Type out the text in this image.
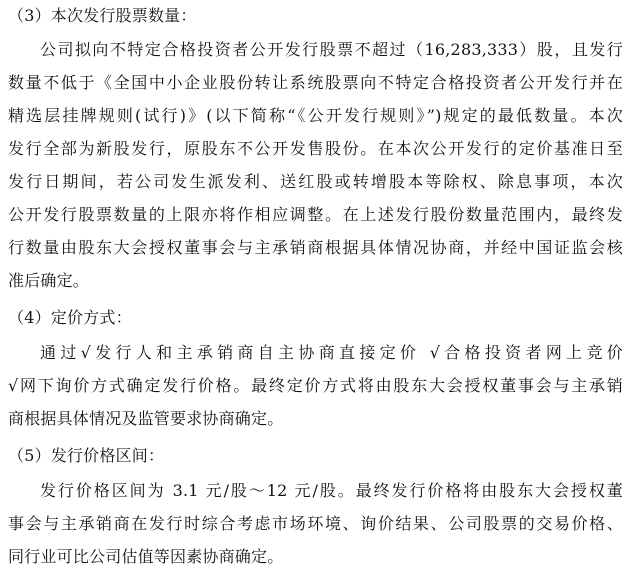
（3）本次发行股票数量：
公司拟向不特定合格投资者公开发行股票不超过（16,283,333）股，且发行
数量不低于《全国中小企业股份转让系统股票向不特定合格投资者公开发行并在
精选层挂牌规则(试行)》(以下简称“《公开发行规则》”)规定的最低数量。本次
发行全部为新股发行，原股东不公开发售股份。在本次公开发行的定价基准日至
发行日期间，若公司发生派发利、送红股或转增股本等除权、除息事项，本次
公开发行股票数量的上限亦将作相应调整。在上述发行股份数量范围内，最终发
行数量由股东大会授权董事会与主承销商根据具体情况协商，并经中国证监会核
准后确定。
（4）定价方式：
通过√发行人和主承销商自主协商直接定价 √合格投资者网上竞价
√网下询价方式确定发行价格。最终定价方式将由股东大会授权董事会与主承销
商根据具体情况及监管要求协商确定。
（5）发行价格区间：
发行价格区间为 3.1 元/股～12 元/股。最终发行价格将由股东大会授权董
事会与主承销商在发行时综合考虑市场环境、询价结果、公司股票的交易价格、
同行业可比公司估值等因素协商确定。
